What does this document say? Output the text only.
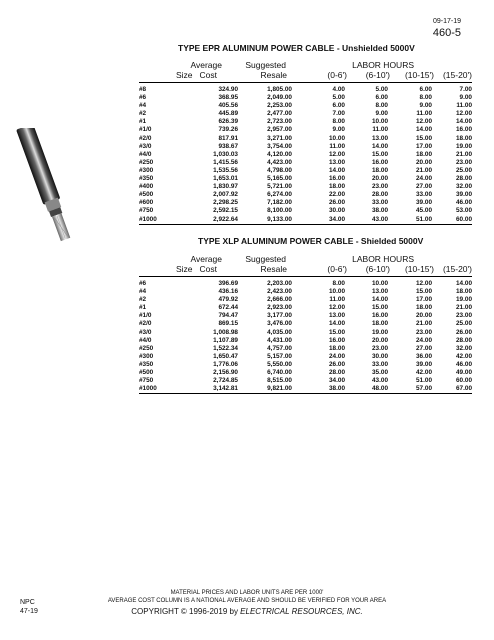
09-17-19
460-5
TYPE EPR ALUMINUM POWER CABLE - Unshielded 5000V
Average	Suggested	LABOR HOURS
Size Cost	Resale	(0-6') (6-10') (10-15') (15-20')
#8	324.90	1,805.00	4.00	5.00	6.00	7.00
#6	368.95	2,049.00	5.00	6.00	8.00	9.00
#4	405.56	2,253.00	6.00	8.00	9.00	11.00
#2	445.89	2,477.00	7.00	9.00	11.00	12.00
#1	626.39	2,723.00	8.00	10.00	12.00	14.00
#1/0	739.26	2,957.00	9.00	11.00	14.00	16.00
#2/0	817.91	3,271.00	10.00	13.00	15.00	18.00
#3/0	938.67	3,754.00	11.00	14.00	17.00	19.00
#4/0	1,030.03	4,120.00	12.00	15.00	18.00	21.00
#250	1,415.56	4,423.00	13.00	16.00	20.00	23.00
#300	1,535.56	4,798.00	14.00	18.00	21.00	25.00
#350	1,653.01	5,165.00	16.00	20.00	24.00	28.00
#400	1,830.97	5,721.00	18.00	23.00	27.00	32.00
#500	2,007.92	6,274.00	22.00	28.00	33.00	39.00
#600	2,298.25	7,182.00	26.00	33.00	39.00	46.00
#750	2,592.15	8,100.00	30.00	38.00	45.00	53.00
#1000	2,922.64	9,133.00	34.00	43.00	51.00	60.00
TYPE XLP ALUMINUM POWER CABLE - Shielded 5000V
Average	Suggested	LABOR HOURS
Size Cost	Resale	(0-6') (6-10') (10-15') (15-20')
#6	396.69	2,203.00	8.00	10.00	12.00	14.00
#4	436.16	2,423.00	10.00	13.00	15.00	18.00
#2	479.92	2,666.00	11.00	14.00	17.00	19.00
#1	672.44	2,923.00	12.00	15.00	18.00	21.00
#1/0	794.47	3,177.00	13.00	16.00	20.00	23.00
#2/0	869.15	3,476.00	14.00	18.00	21.00	25.00
#3/0	1,008.98	4,035.00	15.00	19.00	23.00	26.00
#4/0	1,107.89	4,431.00	16.00	20.00	24.00	28.00
#250	1,522.34	4,757.00	18.00	23.00	27.00	32.00
#300	1,650.47	5,157.00	24.00	30.00	36.00	42.00
#350	1,776.06	5,550.00	26.00	33.00	39.00	46.00
#500	2,156.90	6,740.00	28.00	35.00	42.00	49.00
#750	2,724.85	8,515.00	34.00	43.00	51.00	60.00
#1000	3,142.81	9,821.00	38.00	48.00	57.00	67.00
MATERIAL PRICES AND LABOR UNITS ARE PER 1000'
AVERAGE COST COLUMN IS A NATIONAL AVERAGE AND SHOULD BE VERIFIED FOR YOUR AREA
COPYRIGHT © 1996-2019 by ELECTRICAL RESOURCES, INC.
NPC
47-19
